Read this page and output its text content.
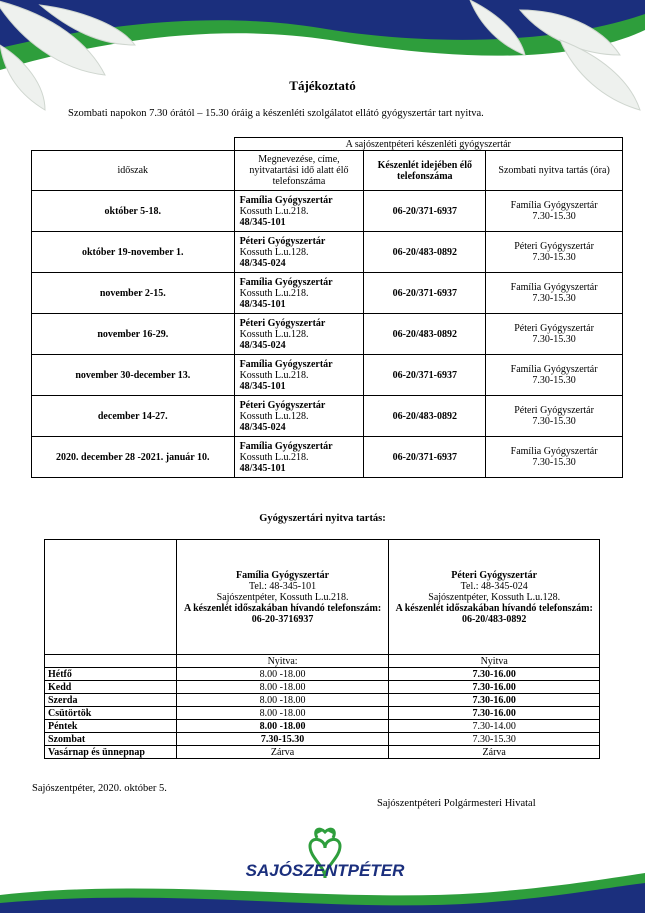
Tájékoztató
Szombati napokon 7.30 órától – 15.30 óráig a készenléti szolgálatot ellátó gyógyszertár tart nyitva.
	A sajószentpéteri készenléti gyógyszertár		
időszak	Megnevezése, címe, nyitvatartási idő alatt élő telefonszáma	Készenlét idejében élő telefonszáma	Szombati nyitva tartás (óra)
október 5-18.	Família Gyógyszertár
Kossuth L.u.218.
48/345-101	06-20/371-6937	Família Gyógyszertár
7.30-15.30
október 19-november 1.	Péteri Gyógyszertár
Kossuth L.u.128.
48/345-024	06-20/483-0892	Péteri Gyógyszertár
7.30-15.30
november 2-15.	Família Gyógyszertár
Kossuth L.u.218.
48/345-101	06-20/371-6937	Família Gyógyszertár
7.30-15.30
november 16-29.	Péteri Gyógyszertár
Kossuth L.u.128.
48/345-024	06-20/483-0892	Péteri Gyógyszertár
7.30-15.30
november 30-december 13.	Família Gyógyszertár
Kossuth L.u.218.
48/345-101	06-20/371-6937	Família Gyógyszertár
7.30-15.30
december 14-27.	Péteri Gyógyszertár
Kossuth L.u.128.
48/345-024	06-20/483-0892	Péteri Gyógyszertár
7.30-15.30
2020. december 28 -2021. január 10.	Família Gyógyszertár
Kossuth L.u.218.
48/345-101	06-20/371-6937	Família Gyógyszertár
7.30-15.30
Gyógyszertári nyitva tartás:
	Família Gyógyszertár
Tel.: 48-345-101
Sajószentpéter, Kossuth L.u.218.
A készenlét időszakában hívandó telefonszám:
06-20-3716937	Péteri Gyógyszertár
Tel.: 48-345-024
Sajószentpéter, Kossuth L.u.128.
A készenlét időszakában hívandó telefonszám:
06-20/483-0892
	Nyitva:	Nyitva
Hétfő	8.00 -18.00	7.30-16.00
Kedd	8.00 -18.00	7.30-16.00
Szerda	8.00 -18.00	7.30-16.00
Csütörtök	8.00 -18.00	7.30-16.00
Péntek	8.00 -18.00	7.30-14.00
Szombat	7.30-15.30	7.30-15.30
Vasárnap és ünnepnap	Zárva	Zárva
Sajószentpéter, 2020. október 5.
Sajószentpéteri Polgármesteri Hivatal
SAJÓSZENTPÉTER
